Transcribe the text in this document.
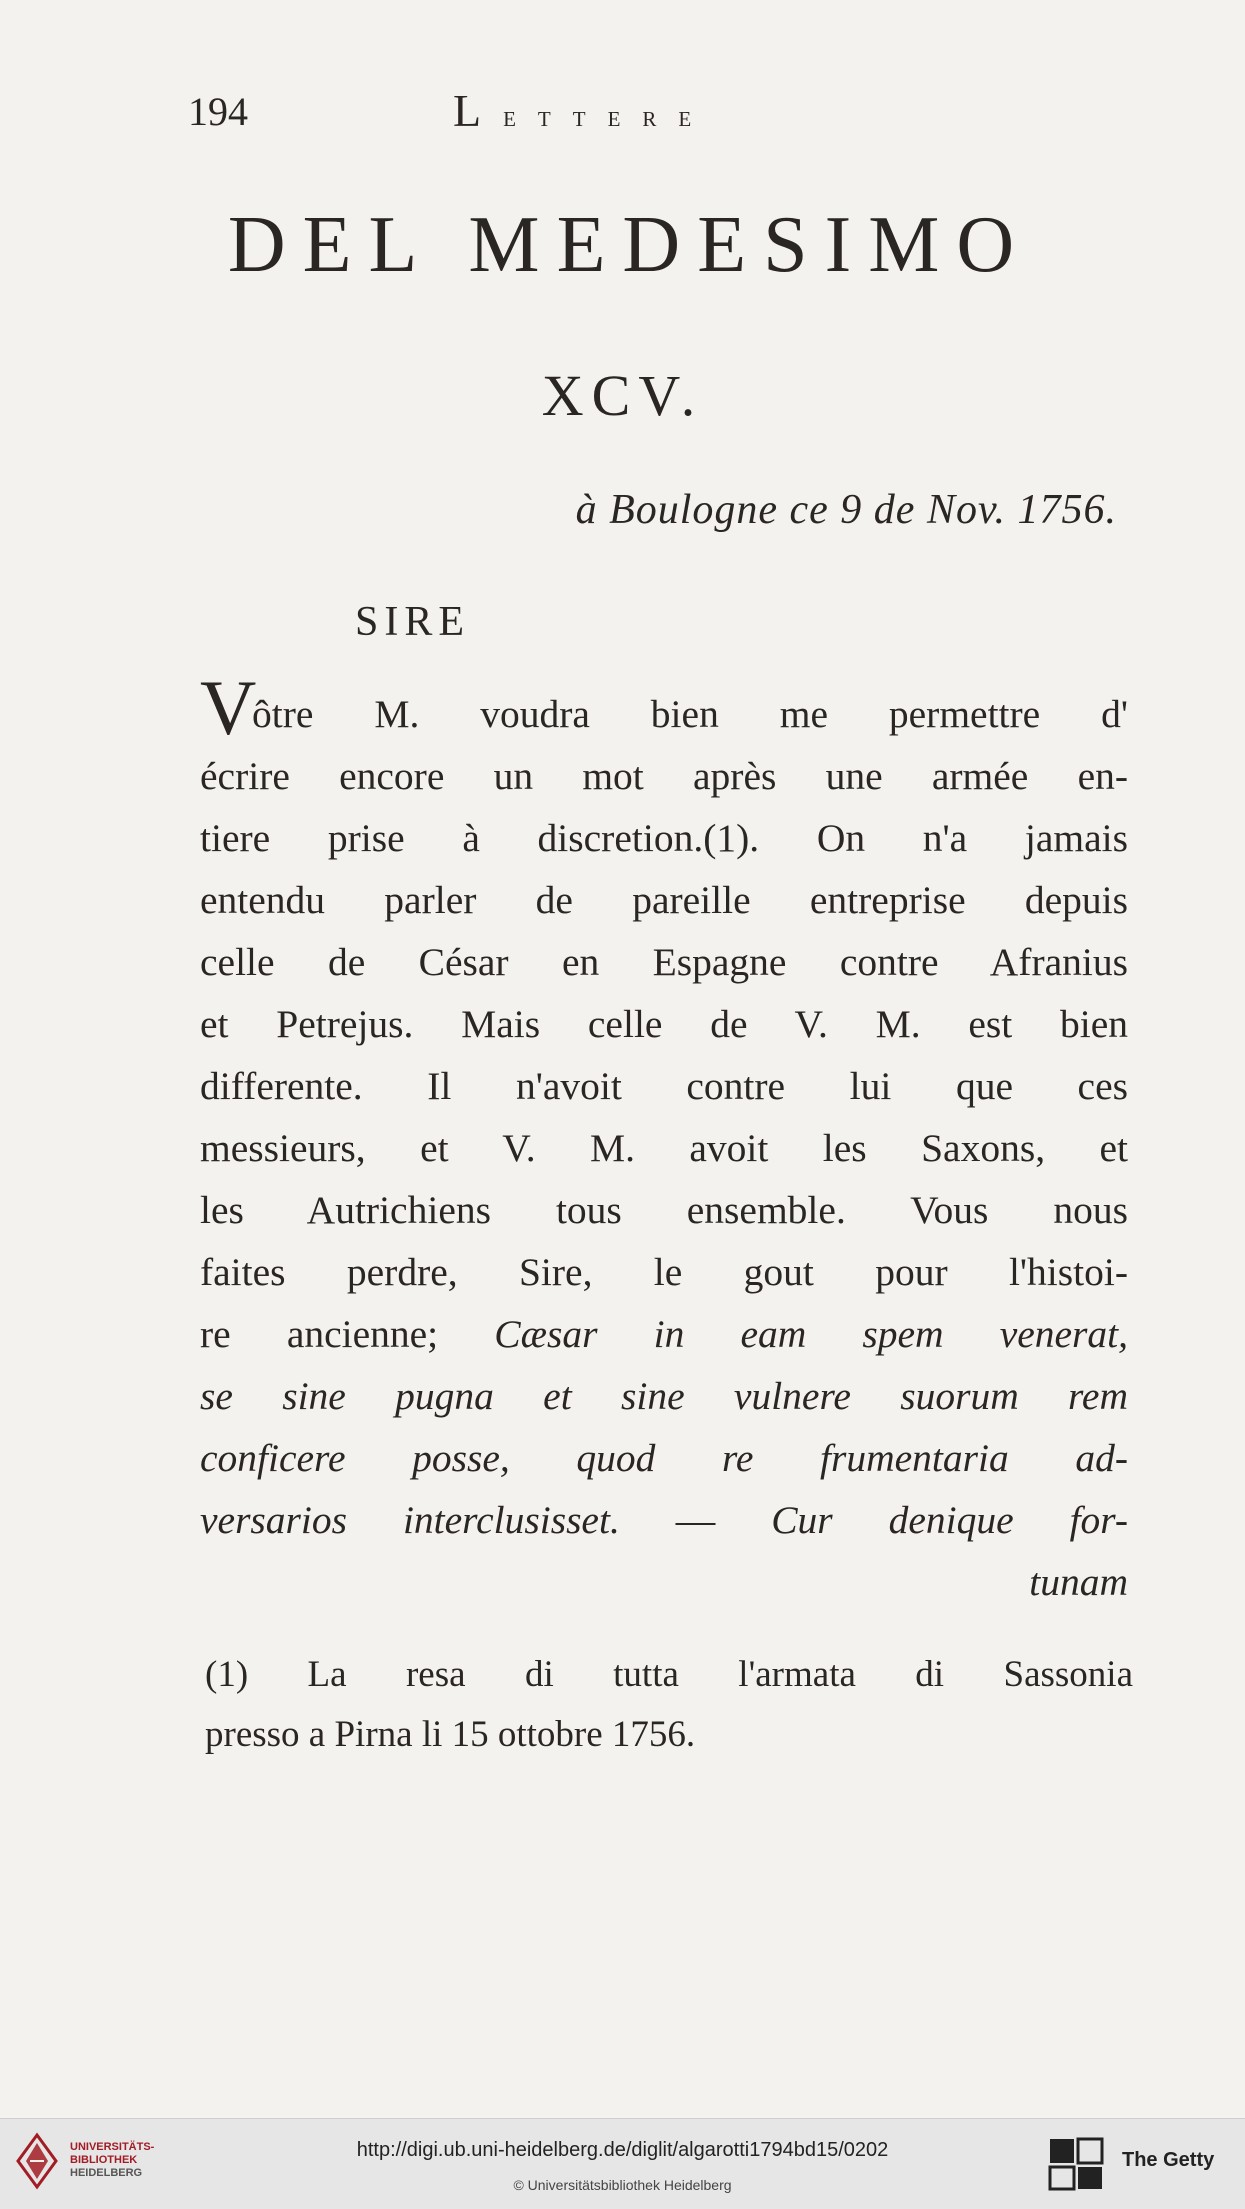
194	Lettere
DEL MEDESIMO
XCV.
à Boulogne ce 9 de Nov. 1756.
SIRE
V
ôtre M. voudra bien me permettre d'
écrire encore un mot après une armée en-
tiere prise à discretion.(1). On n'a jamais
entendu parler de pareille entreprise depuis
celle de César en Espagne contre Afranius
et Petrejus. Mais celle de V. M. est bien
differente. Il n'avoit contre lui que ces
messieurs, et V. M. avoit les Saxons, et
les Autrichiens tous ensemble. Vous nous
faites perdre, Sire, le gout pour l'histoi-
re ancienne; Cæsar in eam spem venerat,
se sine pugna et sine vulnere suorum rem
conficere posse, quod re frumentaria ad-
versarios interclusisset. — Cur denique for-
tunam
(1) La resa di tutta l'armata di Sassonia
presso a Pirna li 15 ottobre 1756.
UNIVERSITÄTS-
BIBLIOTHEK
HEIDELBERG
http://digi.ub.uni-heidelberg.de/diglit/algarotti1794bd15/0202
© Universitätsbibliothek Heidelberg
The Getty
